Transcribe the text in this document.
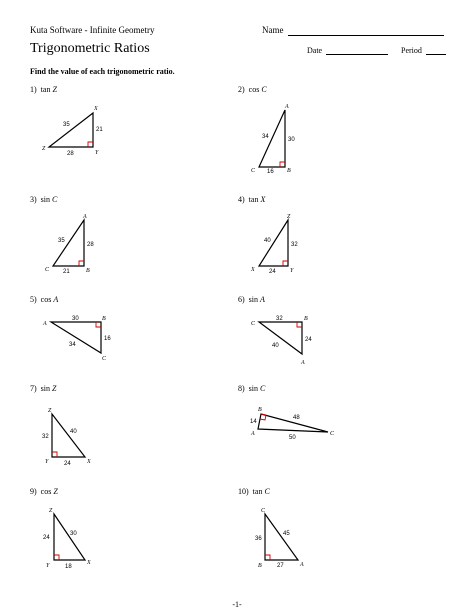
Kuta Software - Infinite Geometry	Name
Trigonometric Ratios	Date	Period
Find the value of each trigonometric ratio.
1) tan Z	2) cos C
3) sin C	4) tan X
5) cos A	6) sin A
7) sin Z	8) sin C
9) cos Z	10) tan C
X
Z
Y
35
21
28
A
C	B
34	30
16
A
C	B
35
28
21
Z
X	Y
40
32
24
A
B
C
30
16
34
C
B
A
32
24
40
Z
Y	X
32
40
24
B
A	C
14
48
50
Z
Y	X
24
30
18
C
B	A
36
45
27
-1-
